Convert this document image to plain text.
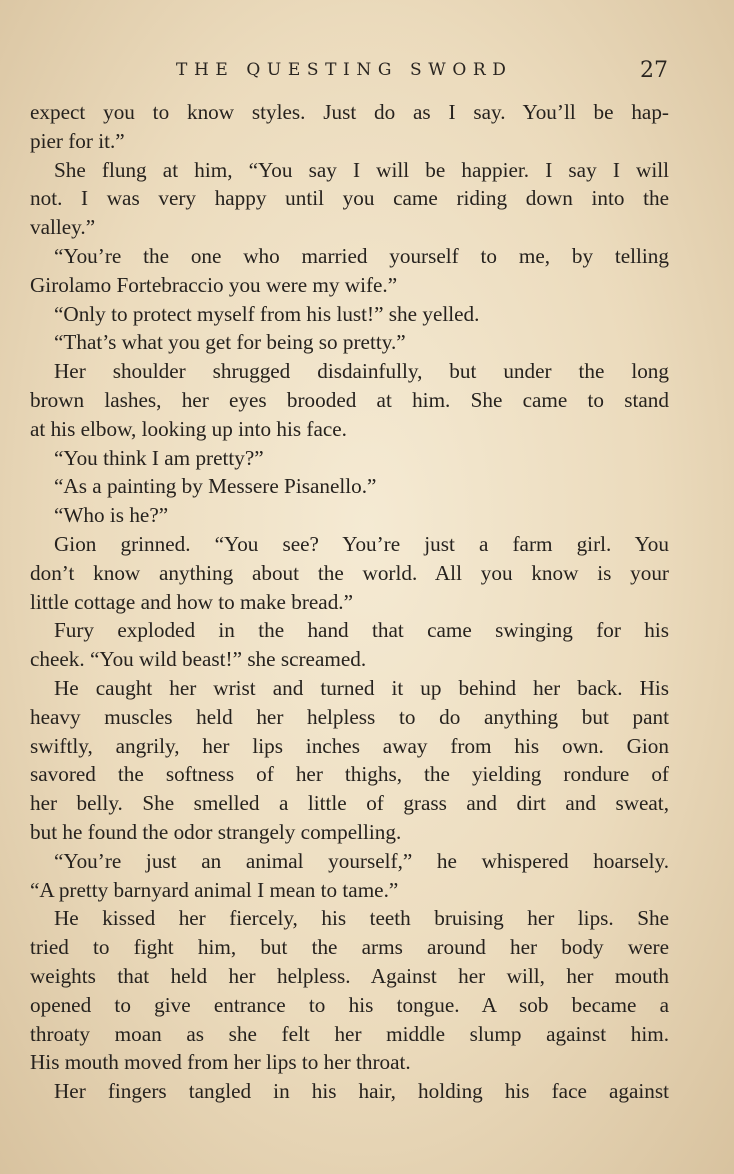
THE QUESTING SWORD	27
expect you to know styles. Just do as I say. You’ll be hap-
pier for it.”
She flung at him, “You say I will be happier. I say I will
not. I was very happy until you came riding down into the
valley.”
“You’re the one who married yourself to me, by telling
Girolamo Fortebraccio you were my wife.”
“Only to protect myself from his lust!” she yelled.
“That’s what you get for being so pretty.”
Her shoulder shrugged disdainfully, but under the long
brown lashes, her eyes brooded at him. She came to stand
at his elbow, looking up into his face.
“You think I am pretty?”
“As a painting by Messere Pisanello.”
“Who is he?”
Gion grinned. “You see? You’re just a farm girl. You
don’t know anything about the world. All you know is your
little cottage and how to make bread.”
Fury exploded in the hand that came swinging for his
cheek. “You wild beast!” she screamed.
He caught her wrist and turned it up behind her back. His
heavy muscles held her helpless to do anything but pant
swiftly, angrily, her lips inches away from his own. Gion
savored the softness of her thighs, the yielding rondure of
her belly. She smelled a little of grass and dirt and sweat,
but he found the odor strangely compelling.
“You’re just an animal yourself,” he whispered hoarsely.
“A pretty barnyard animal I mean to tame.”
He kissed her fiercely, his teeth bruising her lips. She
tried to fight him, but the arms around her body were
weights that held her helpless. Against her will, her mouth
opened to give entrance to his tongue. A sob became a
throaty moan as she felt her middle slump against him.
His mouth moved from her lips to her throat.
Her fingers tangled in his hair, holding his face against
